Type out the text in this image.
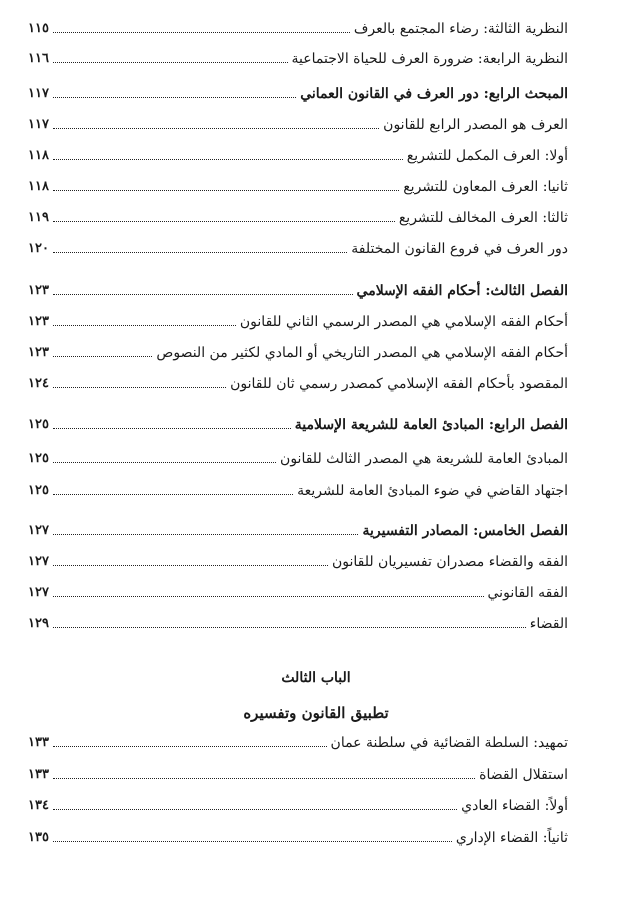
النظرية الثالثة: رضاء المجتمع بالعرف
١١٥
النظرية الرابعة: ضرورة العرف للحياة الاجتماعية
١١٦
المبحث الرابع: دور العرف في القانون العماني
١١٧
العرف هو المصدر الرابع للقانون
١١٧
أولا: العرف المكمل للتشريع
١١٨
ثانيا: العرف المعاون للتشريع
١١٨
ثالثا: العرف المخالف للتشريع
١١٩
دور العرف في فروع القانون المختلفة
١٢٠
الفصل الثالث: أحكام الفقه الإسلامي
١٢٣
أحكام الفقه الإسلامي هي المصدر الرسمي الثاني للقانون
١٢٣
أحكام الفقه الإسلامي هي المصدر التاريخي أو المادي لكثير من النصوص
١٢٣
المقصود بأحكام الفقه الإسلامي كمصدر رسمي ثان للقانون
١٢٤
الفصل الرابع: المبادئ العامة للشريعة الإسلامية
١٢٥
المبادئ العامة للشريعة هي المصدر الثالث للقانون
١٢٥
اجتهاد القاضي في ضوء المبادئ العامة للشريعة
١٢٥
الفصل الخامس: المصادر التفسيرية
١٢٧
الفقه والقضاء مصدران تفسيريان للقانون
١٢٧
الفقه القانوني
١٢٧
القضاء
١٢٩
الباب الثالث
تطبيق القانون وتفسيره
تمهيد: السلطة القضائية في سلطنة عمان
١٣٣
استقلال القضاة
١٣٣
أولاً: القضاء العادي
١٣٤
ثانياً: القضاء الإداري
١٣٥
